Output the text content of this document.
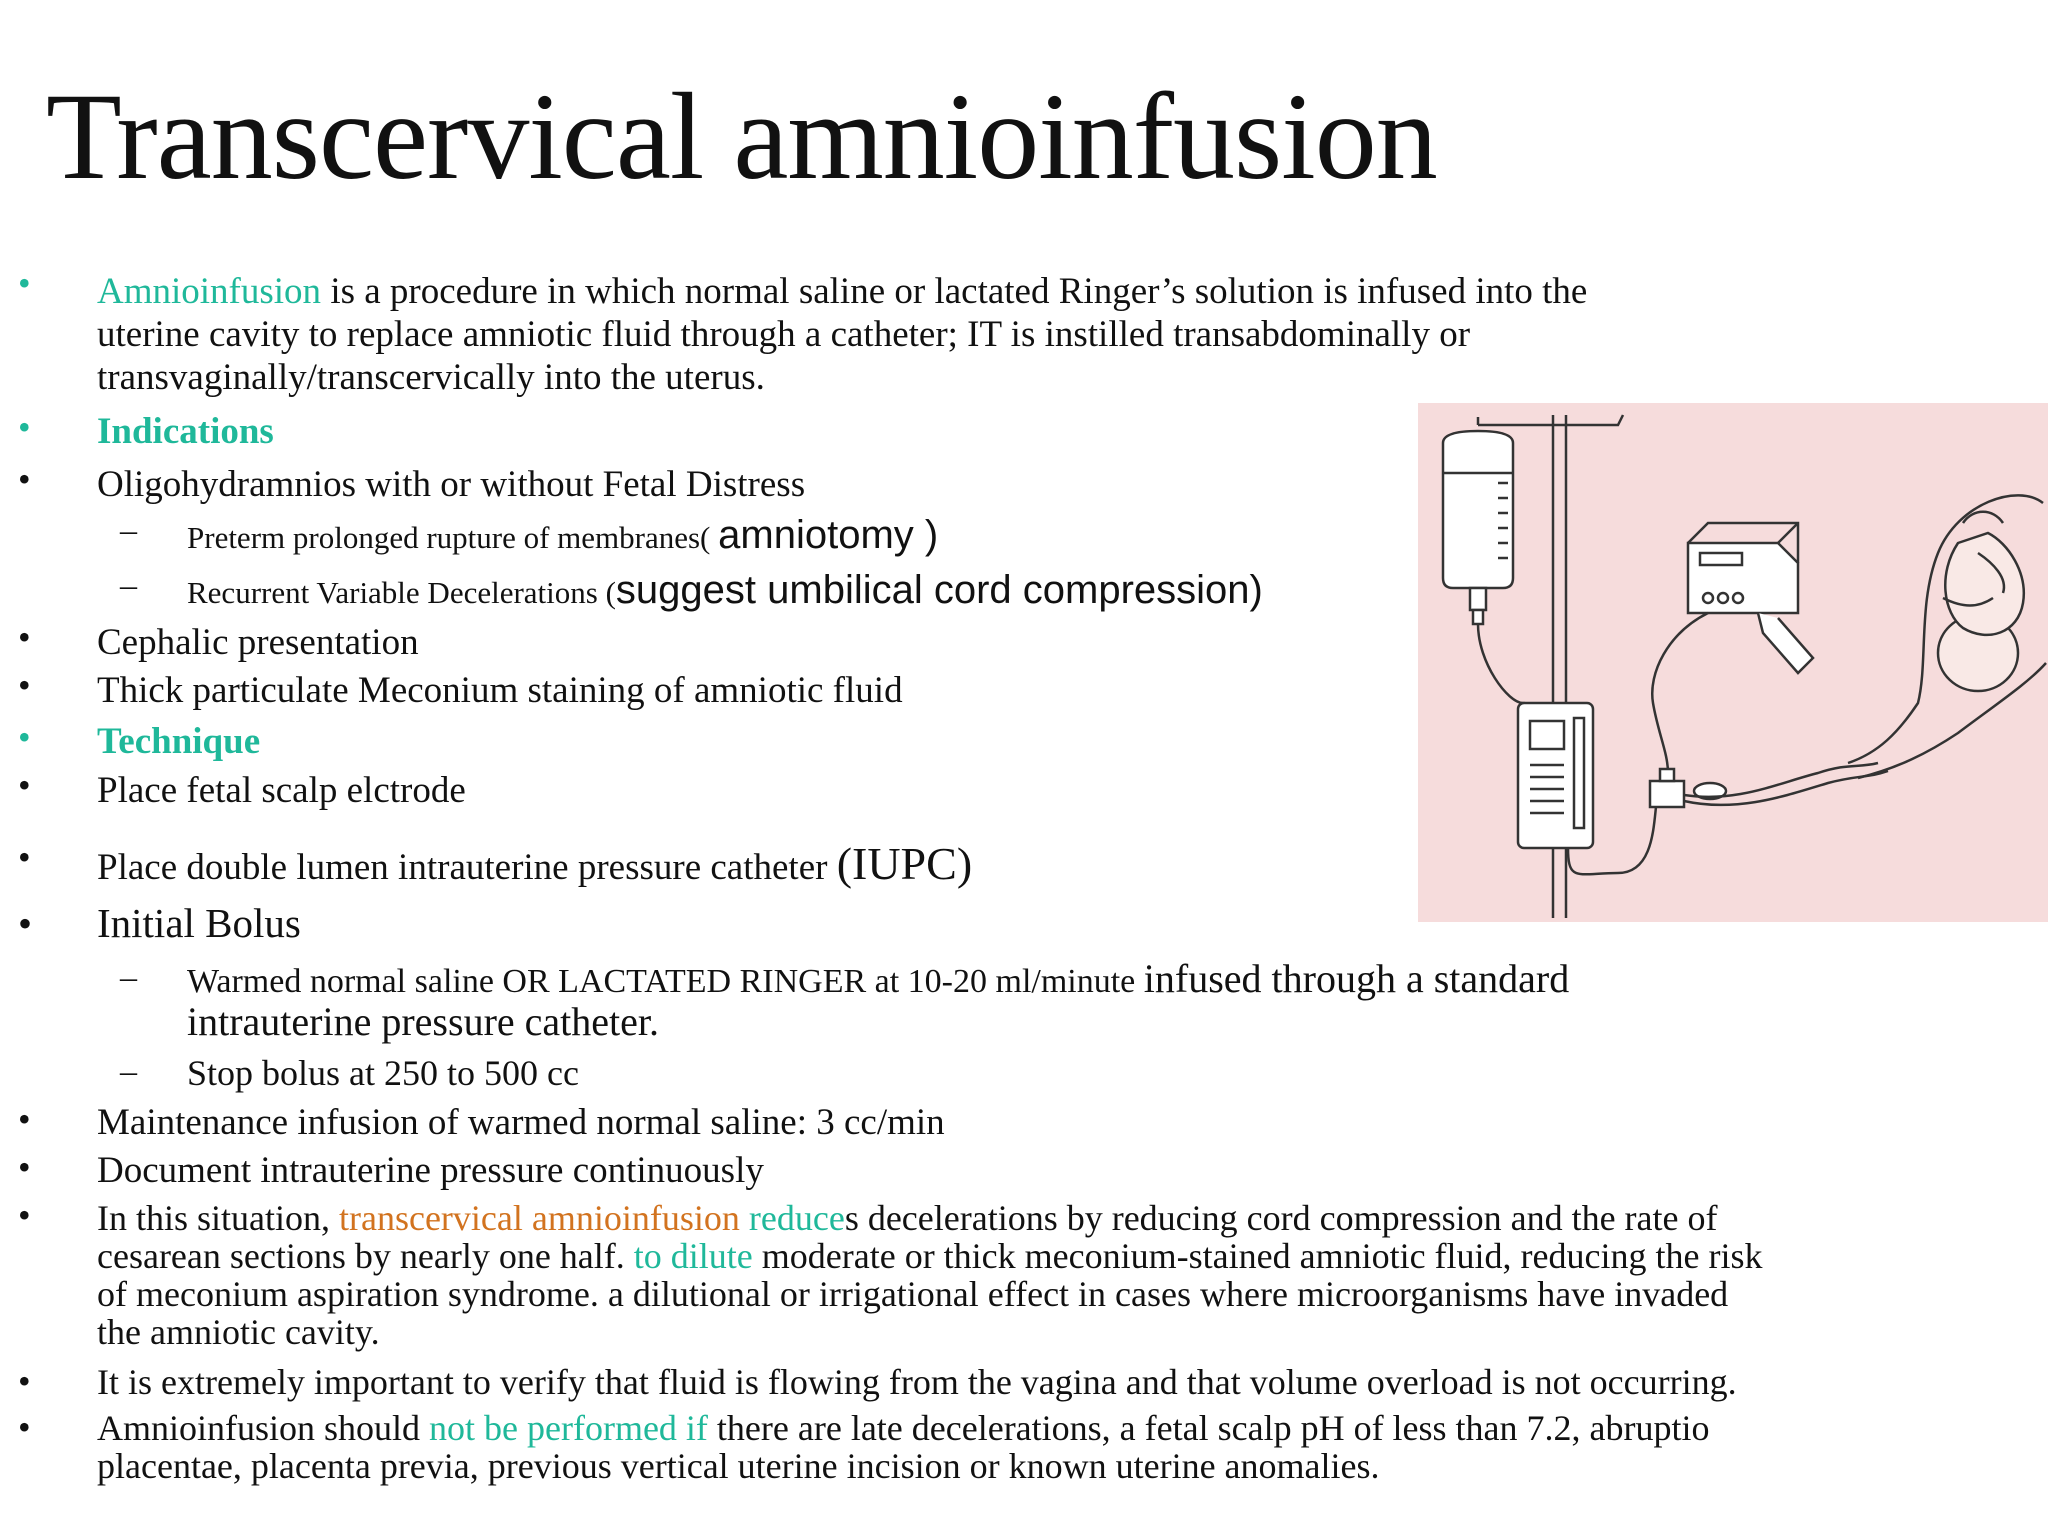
Transcervical amnioinfusion
• Amnioinfusion is a procedure in which normal saline or lactated Ringer’s solution is infused into the
uterine cavity to replace amniotic fluid through a catheter; IT is instilled transabdominally or
transvaginally/transcervically into the uterus.
• Indications
• Oligohydramnios with or without Fetal Distress
– Preterm prolonged rupture of membranes( amniotomy )
– Recurrent Variable Decelerations (suggest umbilical cord compression)
• Cephalic presentation
• Thick particulate Meconium staining of amniotic fluid
• Technique
• Place fetal scalp elctrode
• Place double lumen intrauterine pressure catheter (IUPC)
• Initial Bolus
– Warmed normal saline OR LACTATED RINGER at 10-20 ml/minute infused through a standard
intrauterine pressure catheter.
– Stop bolus at 250 to 500 cc
• Maintenance infusion of warmed normal saline: 3 cc/min
• Document intrauterine pressure continuously
• In this situation, transcervical amnioinfusion reduces decelerations by reducing cord compression and the rate of
cesarean sections by nearly one half. to dilute moderate or thick meconium-stained amniotic fluid, reducing the risk
of meconium aspiration syndrome. a dilutional or irrigational effect in cases where microorganisms have invaded
the amniotic cavity.
• It is extremely important to verify that fluid is flowing from the vagina and that volume overload is not occurring.
• Amnioinfusion should not be performed if there are late decelerations, a fetal scalp pH of less than 7.2, abruptio
placentae, placenta previa, previous vertical uterine incision or known uterine anomalies.
